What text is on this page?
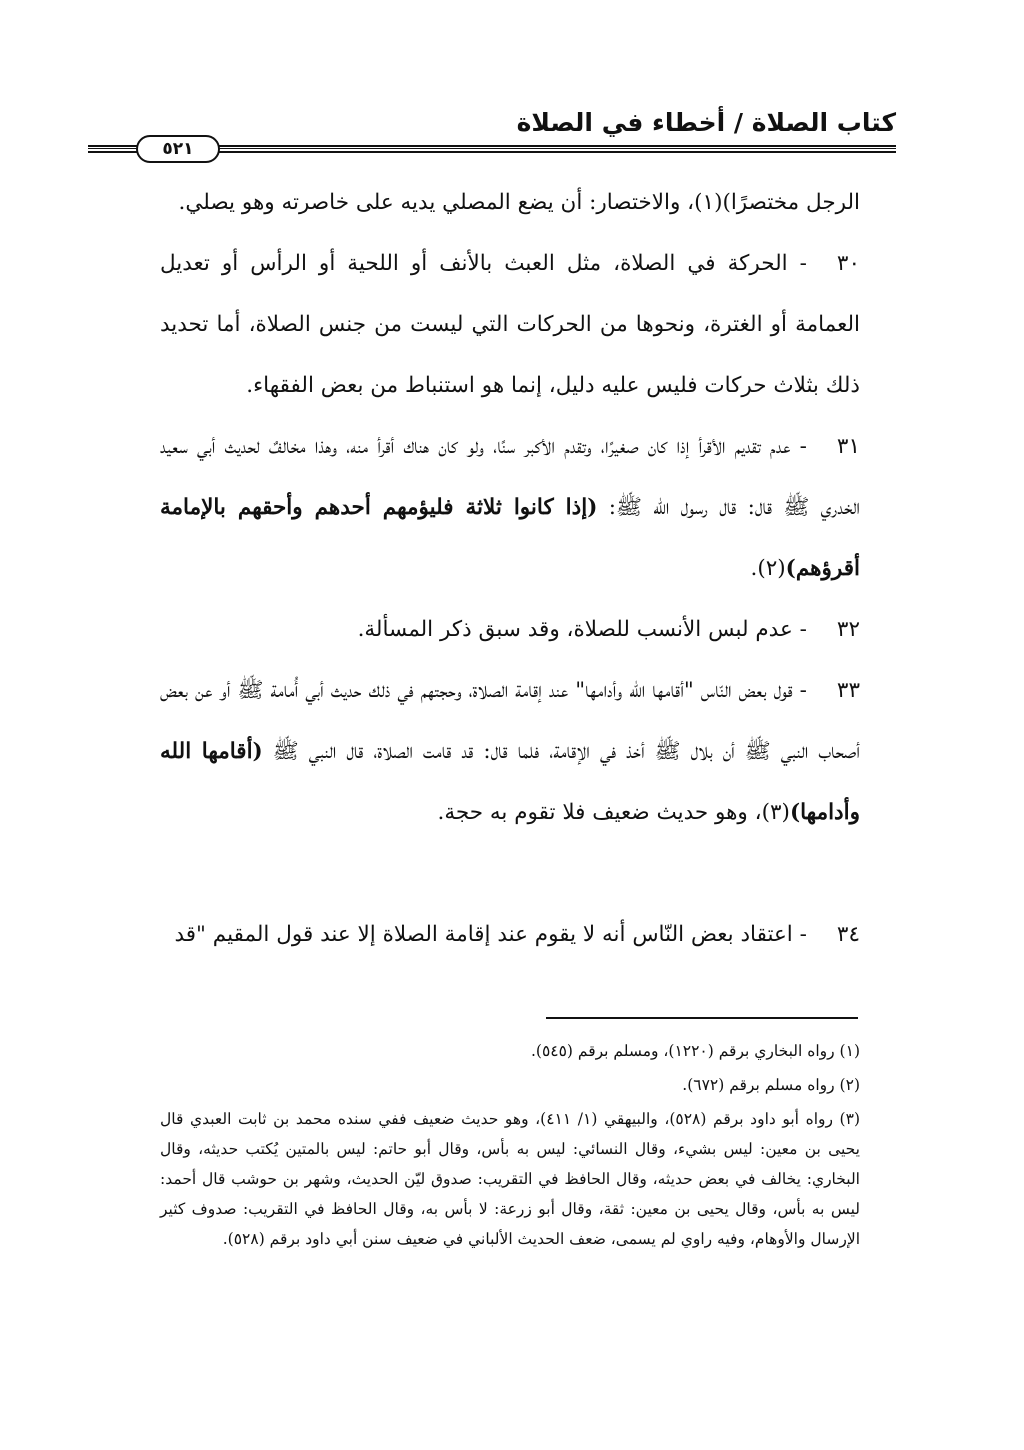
كتاب الصلاة / أخطاء في الصلاة
٥٢١

الرجل مختصرًا)(١)، والاختصار: أن يضع المصلي يديه على خاصرته وهو يصلي.

٣٠- الحركة في الصلاة، مثل العبث بالأنف أو اللحية أو الرأس أو تعديل العمامة أو الغترة، ونحوها من الحركات التي ليست من جنس الصلاة، أما تحديد ذلك بثلاث حركات فليس عليه دليل، إنما هو استنباط من بعض الفقهاء.

٣١- عدم تقديم الأقرأ إذا كان صغيرًا، وتقدم الأكبر سنًا، ولو كان هناك أقرأ منه، وهذا مخالفٌ لحديث أبي سعيد الخدري ﷺ قال: قال رسول الله ﷺ: (إذا كانوا ثلاثة فليؤمهم أحدهم وأحقهم بالإمامة أقرؤهم)(٢).

٣٢- عدم لبس الأنسب للصلاة، وقد سبق ذكر المسألة.

٣٣- قول بعض النّاس "أقامها الله وأدامها" عند إقامة الصلاة، وحجتهم في ذلك حديث أبي أُمامة ﷺ أو عن بعض أصحاب النبي ﷺ أن بلال ﷺ أخذ في الإقامة، فلما قال: قد قامت الصلاة، قال النبي ﷺ (أقامها الله وأدامها)(٣)، وهو حديث ضعيف فلا تقوم به حجة.

٣٤- اعتقاد بعض النّاس أنه لا يقوم عند إقامة الصلاة إلا عند قول المقيم "قد

(١) رواه البخاري برقم (١٢٢٠)، ومسلم برقم (٥٤٥).

(٢) رواه مسلم برقم (٦٧٢).

(٣) رواه أبو داود برقم (٥٢٨)، والبيهقي (١/ ٤١١)، وهو حديث ضعيف ففي سنده محمد بن ثابت العبدي قال يحيى بن معين: ليس بشيء، وقال النسائي: ليس به بأس، وقال أبو حاتم: ليس بالمتين يُكتب حديثه، وقال البخاري: يخالف في بعض حديثه، وقال الحافظ في التقريب: صدوق ليّن الحديث، وشهر بن حوشب قال أحمد: ليس به بأس، وقال يحيى بن معين: ثقة، وقال أبو زرعة: لا بأس به، وقال الحافظ في التقريب: صدوف كثير الإرسال والأوهام، وفيه راوي لم يسمى، ضعف الحديث الألباني في ضعيف سنن أبي داود برقم (٥٢٨).
